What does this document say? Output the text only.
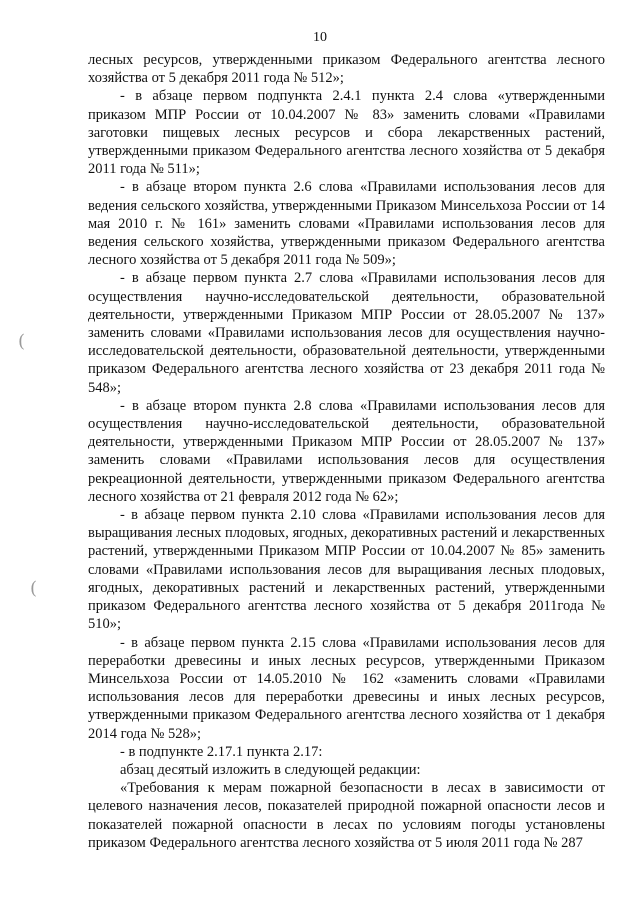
10
(
(

лесных ресурсов, утвержденными приказом Федерального агентства лесного хозяйства от 5 декабря 2011 года № 512»;

- в абзаце первом подпункта 2.4.1 пункта 2.4 слова «утвержденными приказом МПР России от 10.04.2007 № 83» заменить словами «Правилами заготовки пищевых лесных ресурсов и сбора лекарственных растений, утвержденными приказом Федерального агентства лесного хозяйства от 5 декабря 2011 года № 511»;

- в абзаце втором пункта 2.6 слова «Правилами использования лесов для ведения сельского хозяйства, утвержденными Приказом Минсельхоза России от 14 мая 2010 г. № 161» заменить словами «Правилами использования лесов для ведения сельского хозяйства, утвержденными приказом Федерального агентства лесного хозяйства от 5 декабря 2011 года № 509»;

- в абзаце первом пункта 2.7 слова «Правилами использования лесов для осуществления научно-исследовательской деятельности, образовательной деятельности, утвержденными Приказом МПР России от 28.05.2007 № 137» заменить словами «Правилами использования лесов для осуществления научно-исследовательской деятельности, образовательной деятельности, утвержденными приказом Федерального агентства лесного хозяйства от 23 декабря 2011 года № 548»;

- в абзаце втором пункта 2.8 слова «Правилами использования лесов для осуществления научно-исследовательской деятельности, образовательной деятельности, утвержденными Приказом МПР России от 28.05.2007 № 137» заменить словами «Правилами использования лесов для осуществления рекреационной деятельности, утвержденными приказом Федерального агентства лесного хозяйства от 21 февраля 2012 года № 62»;

- в абзаце первом пункта 2.10 слова «Правилами использования лесов для выращивания лесных плодовых, ягодных, декоративных растений и лекарственных растений, утвержденными Приказом МПР России от 10.04.2007 № 85» заменить словами «Правилами использования лесов для выращивания лесных плодовых, ягодных, декоративных растений и лекарственных растений, утвержденными приказом Федерального агентства лесного хозяйства от 5 декабря 2011года № 510»;

- в абзаце первом пункта 2.15 слова «Правилами использования лесов для переработки древесины и иных лесных ресурсов, утвержденными Приказом Минсельхоза России от 14.05.2010 № 162 «заменить словами «Правилами использования лесов для переработки древесины и иных лесных ресурсов, утвержденными приказом Федерального агентства лесного хозяйства от 1 декабря 2014 года № 528»;

- в подпункте 2.17.1 пункта 2.17:

абзац десятый изложить в следующей редакции:

«Требования к мерам пожарной безопасности в лесах в зависимости от целевого назначения лесов, показателей природной пожарной опасности лесов и показателей пожарной опасности в лесах по условиям погоды установлены приказом Федерального агентства лесного хозяйства от 5 июля 2011 года № 287
